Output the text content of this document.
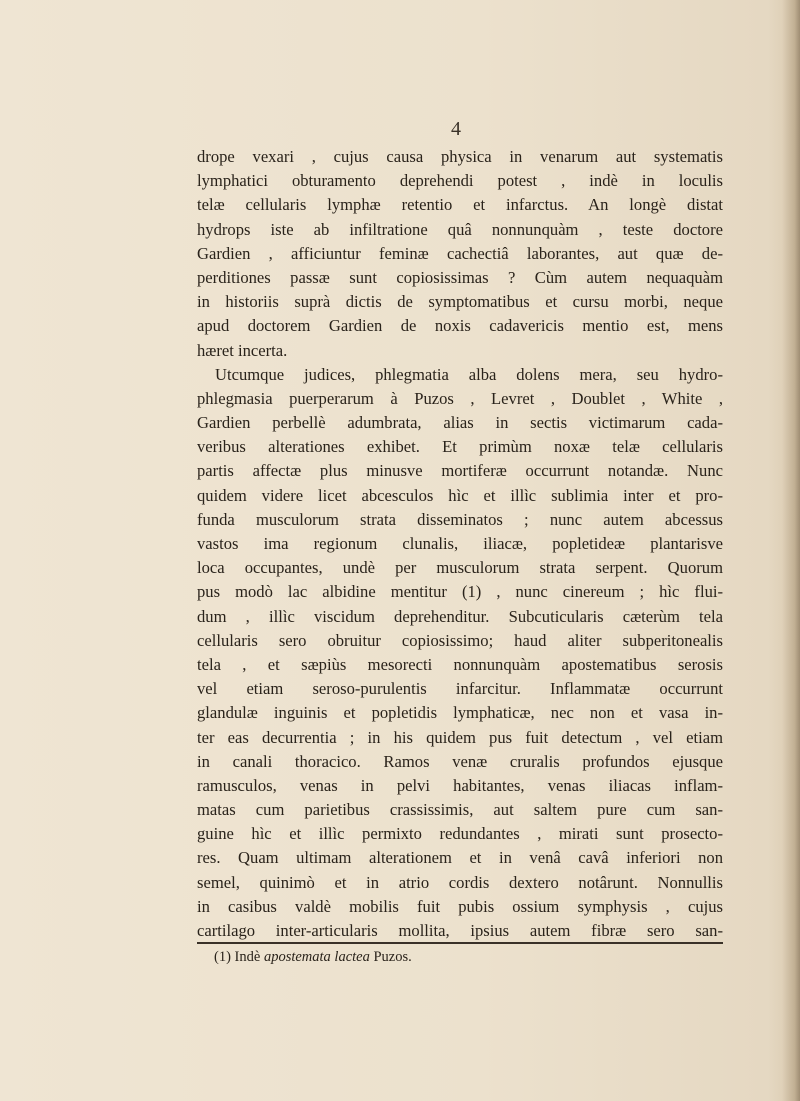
4
drope vexari , cujus causa physica in venarum aut systematis
lymphatici obturamento deprehendi potest , indè in loculis
telæ cellularis lymphæ retentio et infarctus. An longè distat
hydrops iste ab infiltratione quâ nonnunquàm , teste doctore
Gardien , afficiuntur feminæ cachectiâ laborantes, aut quæ de-
perditiones passæ sunt copiosissimas ? Cùm autem nequaquàm
in historiis suprà dictis de symptomatibus et cursu morbi, neque
apud doctorem Gardien de noxis cadavericis mentio est, mens
hæret incerta.
Utcumque judices, phlegmatia alba dolens mera, seu hydro-
phlegmasia puerperarum à Puzos , Levret , Doublet , White ,
Gardien perbellè adumbrata, alias in sectis victimarum cada-
veribus alterationes exhibet. Et primùm noxæ telæ cellularis
partis affectæ plus minusve mortiferæ occurrunt notandæ. Nunc
quidem videre licet abcesculos hìc et illìc sublimia inter et pro-
funda musculorum strata disseminatos ; nunc autem abcessus
vastos ima regionum clunalis, iliacæ, popletideæ plantarisve
loca occupantes, undè per musculorum strata serpent. Quorum
pus modò lac albidine mentitur (1) , nunc cinereum ; hìc flui-
dum , illìc viscidum deprehenditur. Subcuticularis cæterùm tela
cellularis sero obruitur copiosissimo; haud aliter subperitonealis
tela , et sæpiùs mesorecti nonnunquàm apostematibus serosis
vel etiam seroso-purulentis infarcitur. Inflammatæ occurrunt
glandulæ inguinis et popletidis lymphaticæ, nec non et vasa in-
ter eas decurrentia ; in his quidem pus fuit detectum , vel etiam
in canali thoracico. Ramos venæ cruralis profundos ejusque
ramusculos, venas in pelvi habitantes, venas iliacas inflam-
matas cum parietibus crassissimis, aut saltem pure cum san-
guine hìc et illìc permixto redundantes , mirati sunt prosecto-
res. Quam ultimam alterationem et in venâ cavâ inferiori non
semel, quinimò et in atrio cordis dextero notârunt. Nonnullis
in casibus valdè mobilis fuit pubis ossium symphysis , cujus
cartilago inter-articularis mollita, ipsius autem fibræ sero san-
(1) Indè apostemata lactea Puzos.
